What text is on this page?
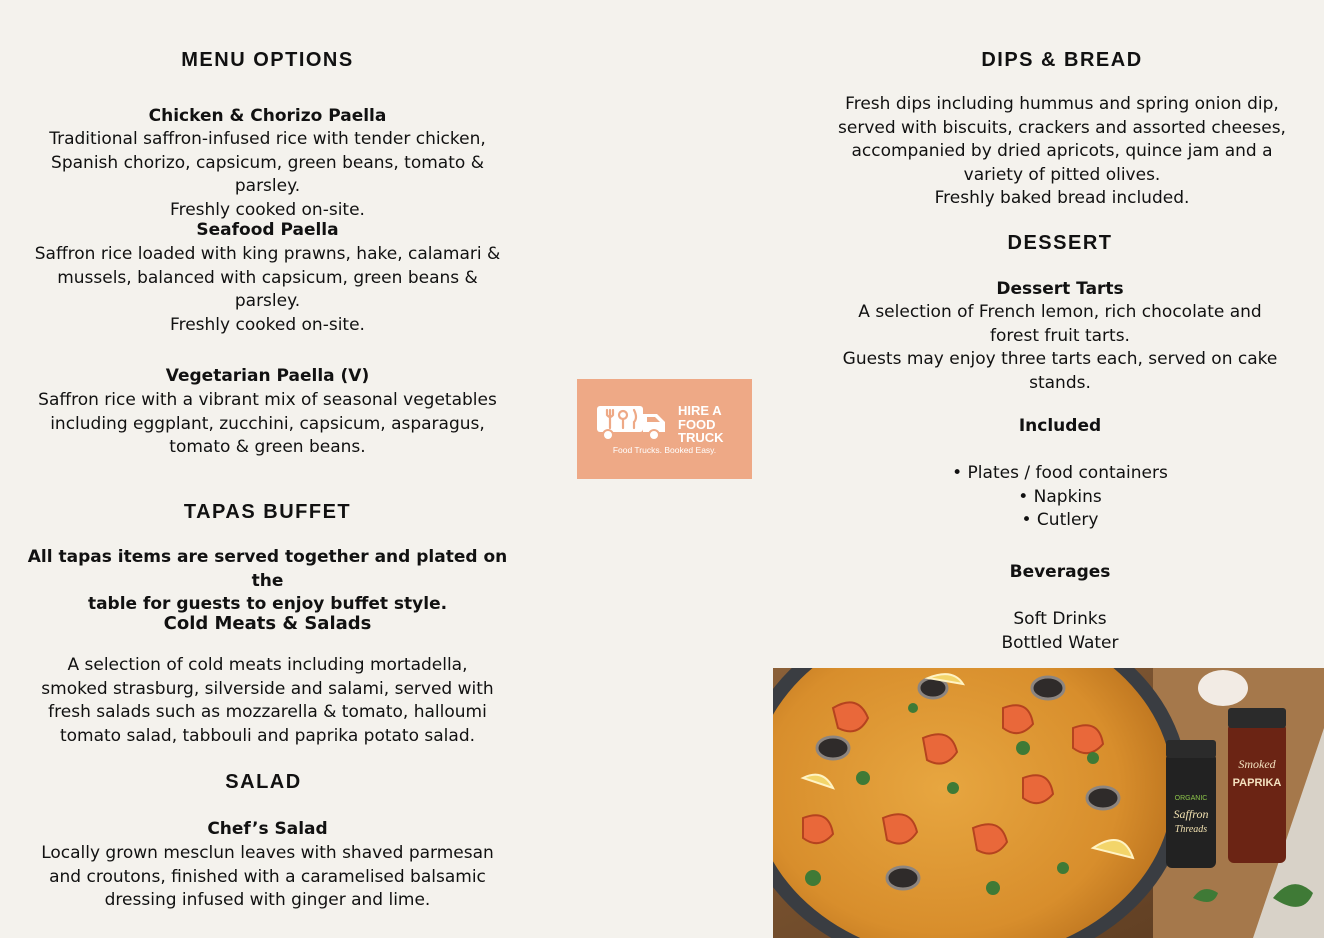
MENU OPTIONS

Chicken & Chorizo Paella

Traditional saffron-infused rice with tender chicken,
Spanish chorizo, capsicum, green beans, tomato & parsley.
Freshly cooked on-site.

Seafood Paella

Saffron rice loaded with king prawns, hake, calamari &
mussels, balanced with capsicum, green beans &
parsley.
Freshly cooked on-site.

Vegetarian Paella (V)

Saffron rice with a vibrant mix of seasonal vegetables
including eggplant, zucchini, capsicum, asparagus,
tomato & green beans.
TAPAS BUFFET
All tapas items are served together and plated on the
table for guests to enjoy buffet style.

Cold Meats & Salads

A selection of cold meats including mortadella,
smoked strasburg, silverside and salami, served with
fresh salads such as mozzarella & tomato, halloumi
tomato salad, tabbouli and paprika potato salad.
SALAD

Chef’s Salad

Locally grown mesclun leaves with shaved parmesan
and croutons, finished with a caramelised balsamic
dressing infused with ginger and lime.
HIRE A
FOOD
TRUCK
Food Trucks. Booked Easy.
DIPS & BREAD
Fresh dips including hummus and spring onion dip,
served with biscuits, crackers and assorted cheeses,
accompanied by dried apricots, quince jam and a
variety of pitted olives.
Freshly baked bread included.
DESSERT

Dessert Tarts

A selection of French lemon, rich chocolate and
forest fruit tarts.
Guests may enjoy three tarts each, served on cake
stands.

Included

• Plates / food containers
• Napkins
• Cutlery

Beverages

Soft Drinks
Bottled Water
ORGANIC
Saffron
Threads
Smoked
PAPRIKA
